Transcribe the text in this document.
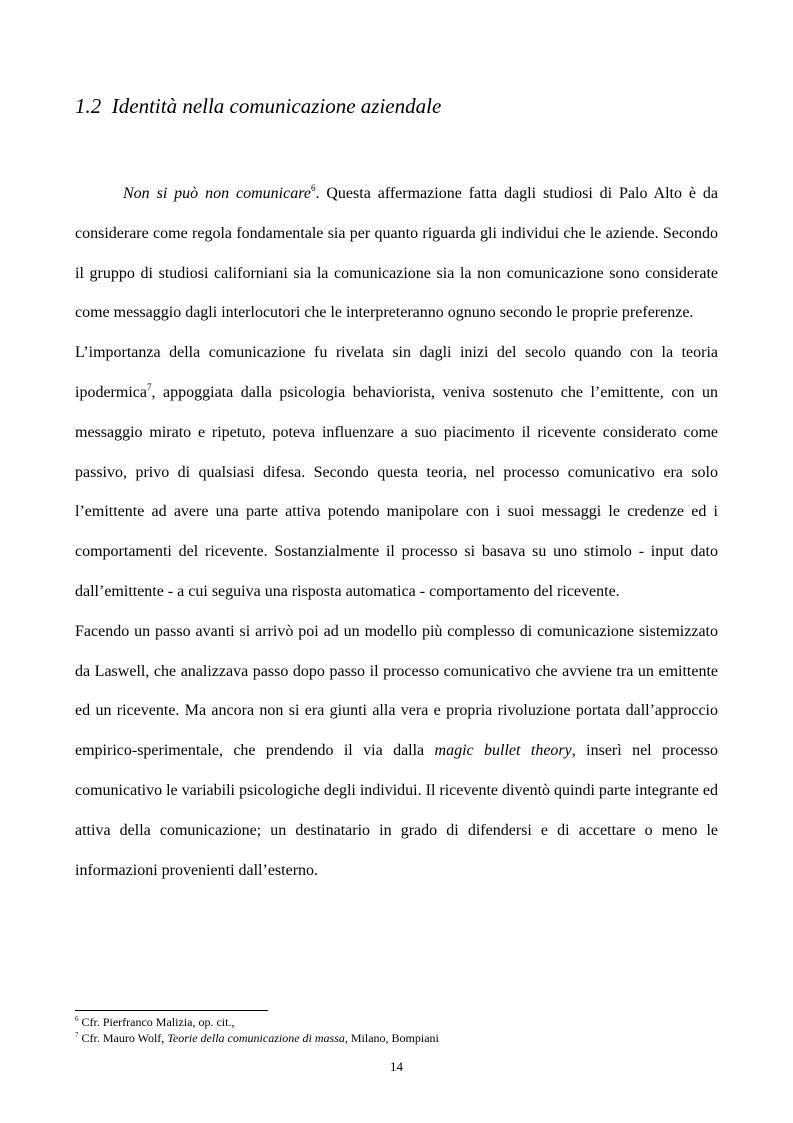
1.2 Identità nella comunicazione aziendale

Non si può non comunicare$^6$. Questa affermazione fatta dagli studiosi di Palo Alto è da considerare come regola fondamentale sia per quanto riguarda gli individui che le aziende. Secondo il gruppo di studiosi californiani sia la comunicazione sia la non comunicazione sono considerate come messaggio dagli interlocutori che le interpreteranno ognuno secondo le proprie preferenze.

L’importanza della comunicazione fu rivelata sin dagli inizi del secolo quando con la teoria ipodermica$^7$, appoggiata dalla psicologia behaviorista, veniva sostenuto che l’emittente, con un messaggio mirato e ripetuto, poteva influenzare a suo piacimento il ricevente considerato come passivo, privo di qualsiasi difesa. Secondo questa teoria, nel processo comunicativo era solo l’emittente ad avere una parte attiva potendo manipolare con i suoi messaggi le credenze ed i comportamenti del ricevente. Sostanzialmente il processo si basava su uno stimolo - input dato dall’emittente - a cui seguiva una risposta automatica - comportamento del ricevente.

Facendo un passo avanti si arrivò poi ad un modello più complesso di comunicazione sistemizzato da Laswell, che analizzava passo dopo passo il processo comunicativo che avviene tra un emittente ed un ricevente. Ma ancora non si era giunti alla vera e propria rivoluzione portata dall’approccio empirico-sperimentale, che prendendo il via dalla magic bullet theory, inserì nel processo comunicativo le variabili psicologiche degli individui. Il ricevente diventò quindi parte integrante ed attiva della comunicazione; un destinatario in grado di difendersi e di accettare o meno le informazioni provenienti dall’esterno.

$^6$ Cfr. Pierfranco Malizia, op. cit.,
$^7$ Cfr. Mauro Wolf, Teorie della comunicazione di massa, Milano, Bompiani
14
